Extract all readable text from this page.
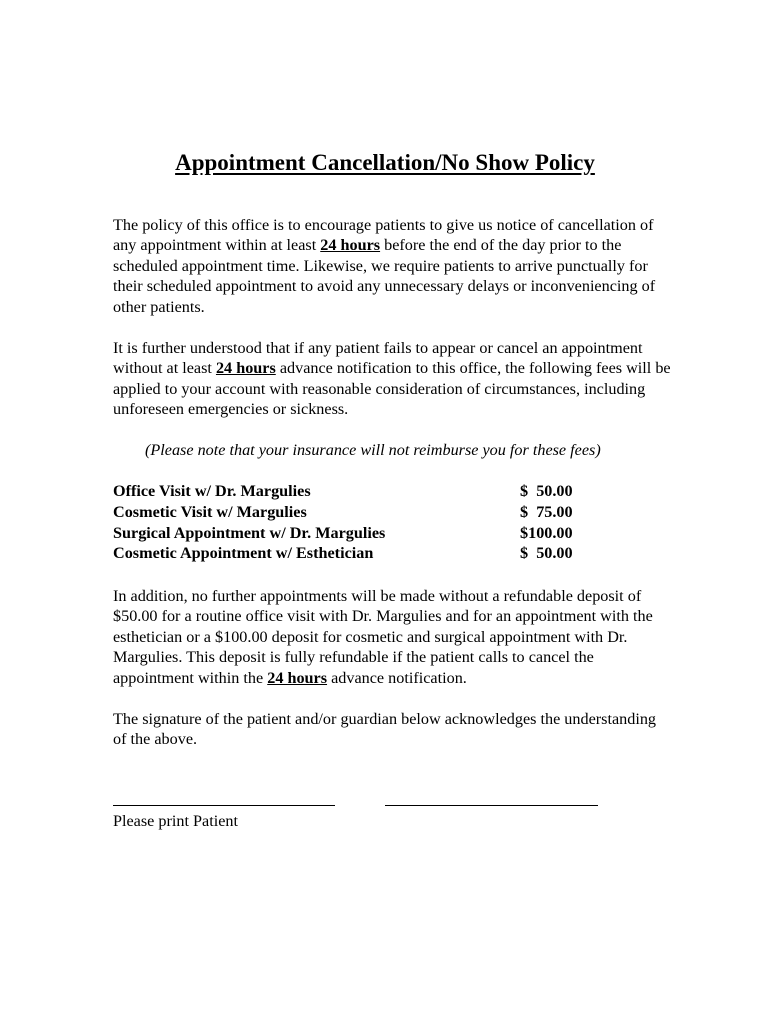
Appointment Cancellation/No Show Policy

The policy of this office is to encourage patients to give us notice of cancellation of any appointment within at least 24 hours before the end of the day prior to the scheduled appointment time. Likewise, we require patients to arrive punctually for their scheduled appointment to avoid any unnecessary delays or inconveniencing of other patients.

It is further understood that if any patient fails to appear or cancel an appointment without at least 24 hours advance notification to this office, the following fees will be applied to your account with reasonable consideration of circumstances, including unforeseen emergencies or sickness.

(Please note that your insurance will not reimburse you for these fees)
Office Visit w/ Dr. Margulies	$  50.00
Cosmetic Visit w/ Margulies	$  75.00
Surgical Appointment w/ Dr. Margulies	$100.00
Cosmetic Appointment w/ Esthetician	$  50.00

In addition, no further appointments will be made without a refundable deposit of $50.00 for a routine office visit with Dr. Margulies and for an appointment with the esthetician or a $100.00 deposit for cosmetic and surgical appointment with Dr. Margulies. This deposit is fully refundable if the patient calls to cancel the appointment within the 24 hours advance notification.

The signature of the patient and/or guardian below acknowledges the understanding of the above.

Please print Patient
